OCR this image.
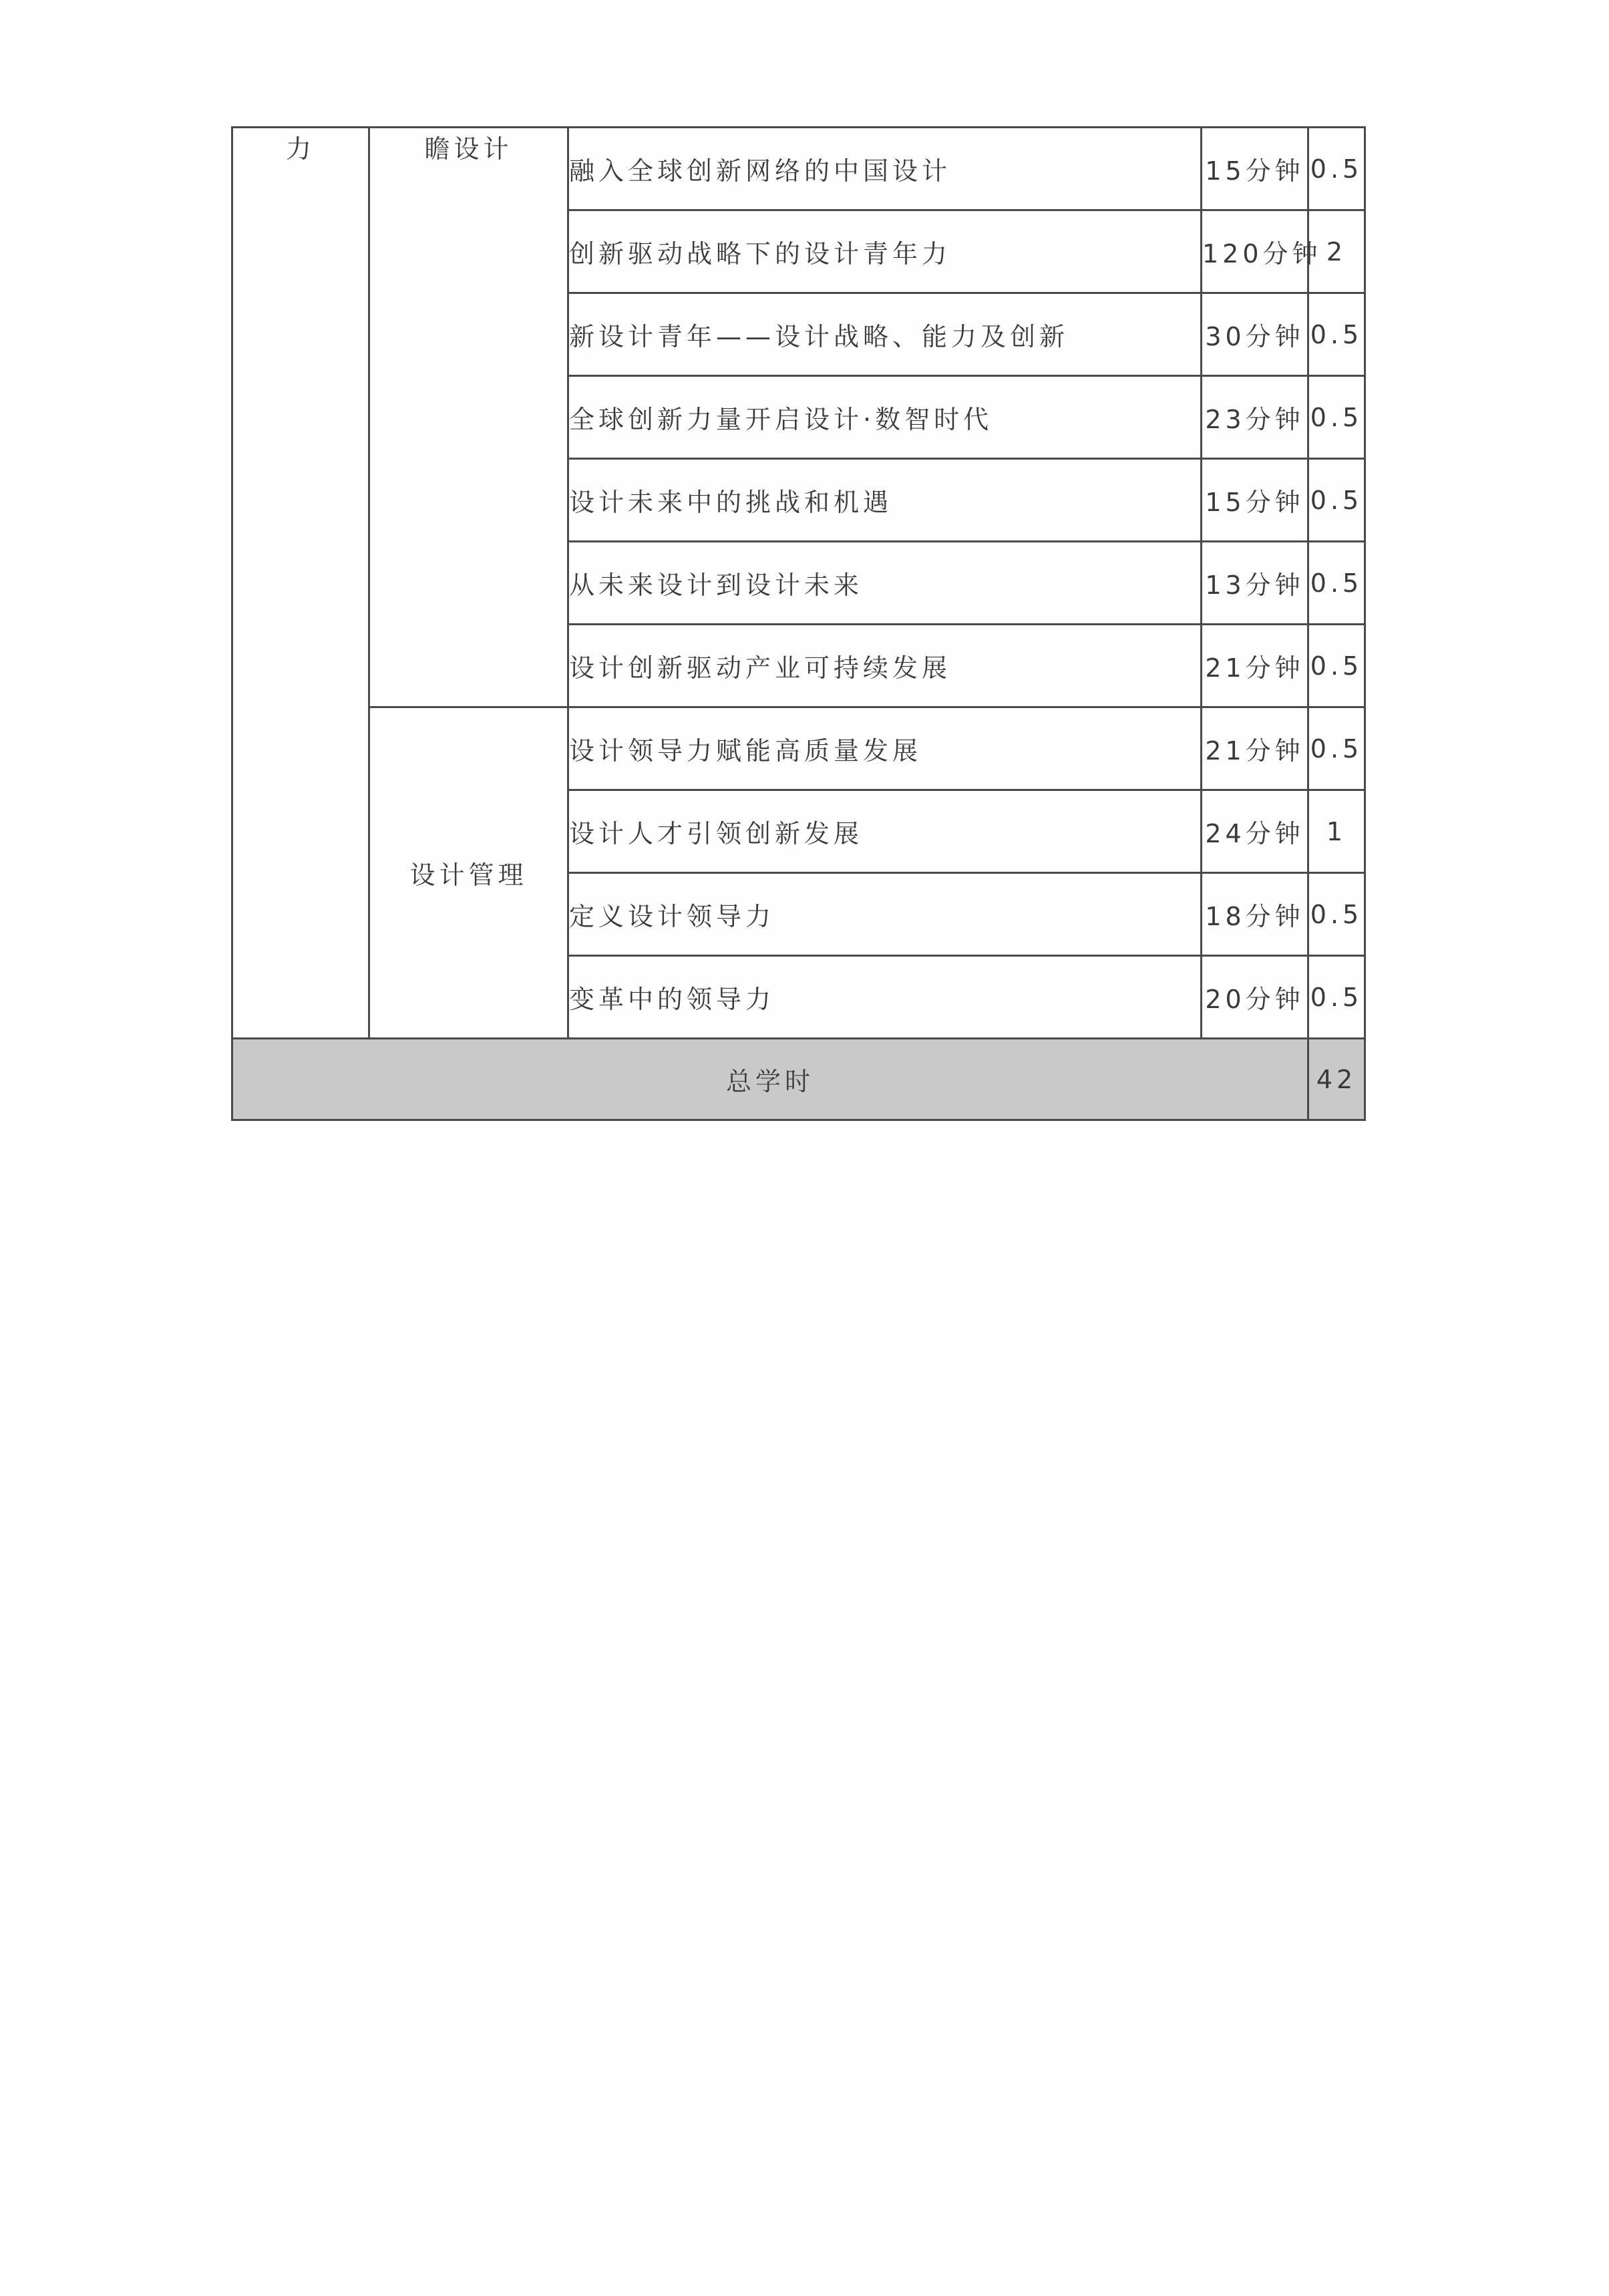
力	瞻设计	融入全球创新网络的中国设计	15分钟	0.5
		创新驱动战略下的设计青年力	120分钟	2
		新设计青年——设计战略、能力及创新	30分钟	0.5
		全球创新力量开启设计·数智时代	23分钟	0.5
		设计未来中的挑战和机遇	15分钟	0.5
		从未来设计到设计未来	13分钟	0.5
		设计创新驱动产业可持续发展	21分钟	0.5
	设计管理	设计领导力赋能高质量发展	21分钟	0.5
		设计人才引领创新发展	24分钟	1
		定义设计领导力	18分钟	0.5
		变革中的领导力	20分钟	0.5
总学时				42
